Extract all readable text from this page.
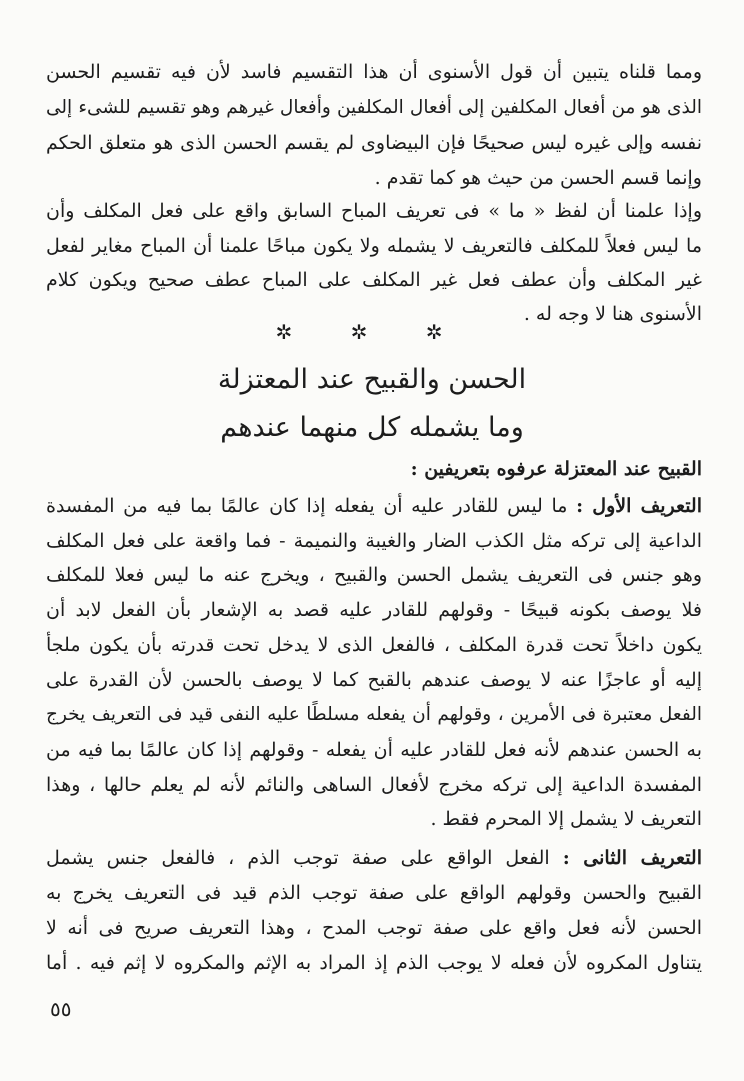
ومما قلناه يتبين أن قول الأسنوى أن هذا التقسيم فاسد لأن فيه تقسيم الحسن
الذى هو من أفعال المكلفين إلى أفعال المكلفين وأفعال غيرهم وهو تقسيم للشىء إلى
نفسه وإلى غيره ليس صحيحًا فإن البيضاوى لم يقسم الحسن الذى هو متعلق الحكم
وإنما قسم الحسن من حيث هو كما تقدم .
وإذا علمنا أن لفظ « ما » فى تعريف المباح السابق واقع على فعل المكلف وأن
ما ليس فعلاً للمكلف فالتعريف لا يشمله ولا يكون مباحًا علمنا أن المباح مغاير لفعل
غير المكلف وأن عطف فعل غير المكلف على المباح عطف صحيح ويكون كلام
الأسنوى هنا لا وجه له .
✲ ✲ ✲
الحسن والقبيح عند المعتزلة
وما يشمله كل منهما عندهم
القبيح عند المعتزلة عرفوه بتعريفين :
التعريف الأول : ما ليس للقادر عليه أن يفعله إذا كان عالمًا بما فيه من المفسدة
الداعية إلى تركه مثل الكذب الضار والغيبة والنميمة - فما واقعة على فعل المكلف
وهو جنس فى التعريف يشمل الحسن والقبيح ، ويخرج عنه ما ليس فعلا للمكلف
فلا يوصف بكونه قبيحًا - وقولهم للقادر عليه قصد به الإشعار بأن الفعل لابد أن
يكون داخلاً تحت قدرة المكلف ، فالفعل الذى لا يدخل تحت قدرته بأن يكون ملجأ
إليه أو عاجزًا عنه لا يوصف عندهم بالقبح كما لا يوصف بالحسن لأن القدرة على
الفعل معتبرة فى الأمرين ، وقولهم أن يفعله مسلطًا عليه النفى قيد فى التعريف يخرج
به الحسن عندهم لأنه فعل للقادر عليه أن يفعله - وقولهم إذا كان عالمًا بما فيه من
المفسدة الداعية إلى تركه مخرج لأفعال الساهى والنائم لأنه لم يعلم حالها ، وهذا
التعريف لا يشمل إلا المحرم فقط .
التعريف الثانى : الفعل الواقع على صفة توجب الذم ، فالفعل جنس يشمل
القبيح والحسن وقولهم الواقع على صفة توجب الذم قيد فى التعريف يخرج به
الحسن لأنه فعل واقع على صفة توجب المدح ، وهذا التعريف صريح فى أنه لا
يتناول المكروه لأن فعله لا يوجب الذم إذ المراد به الإثم والمكروه لا إثم فيه . أما
٥٥
